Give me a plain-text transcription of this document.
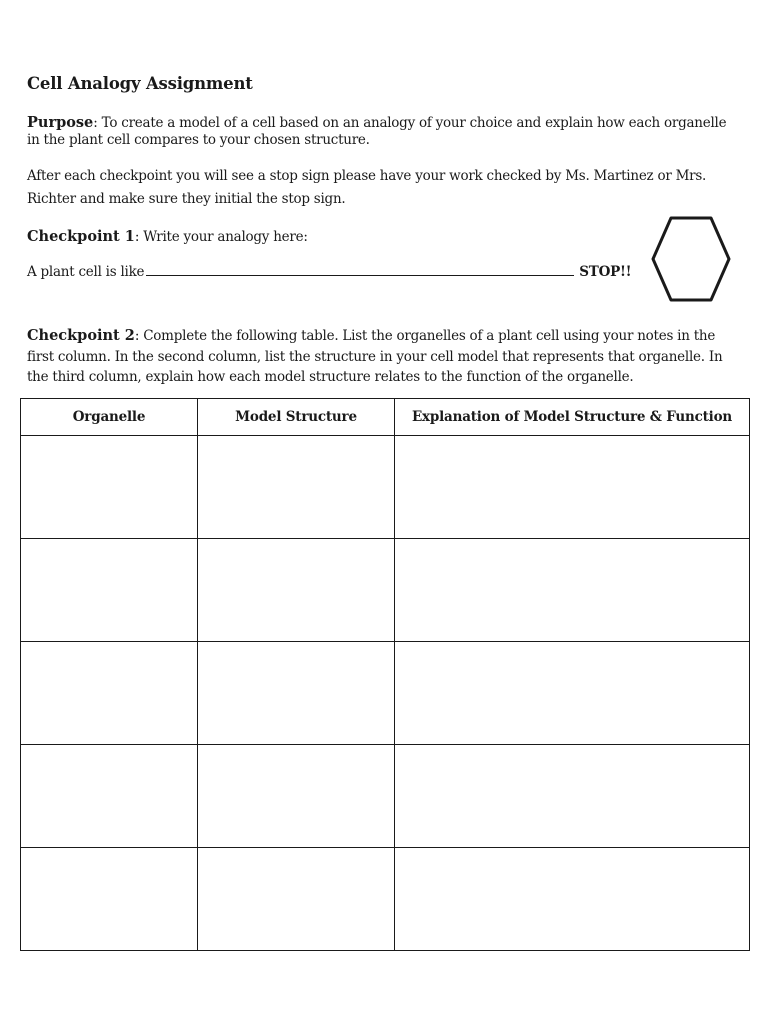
Cell Analogy Assignment
Purpose: To create a model of a cell based on an analogy of your choice and explain how each organelle in the plant cell compares to your chosen structure.
After each checkpoint you will see a stop sign please have your work checked by Ms. Martinez or Mrs. Richter and make sure they initial the stop sign.
Checkpoint 1: Write your analogy here:
A plant cell is like	STOP!!
Checkpoint 2: Complete the following table. List the organelles of a plant cell using your notes in the first column. In the second column, list the structure in your cell model that represents that organelle. In the third column, explain how each model structure relates to the function of the organelle.
Organelle	Model Structure	Explanation of Model Structure & Function
